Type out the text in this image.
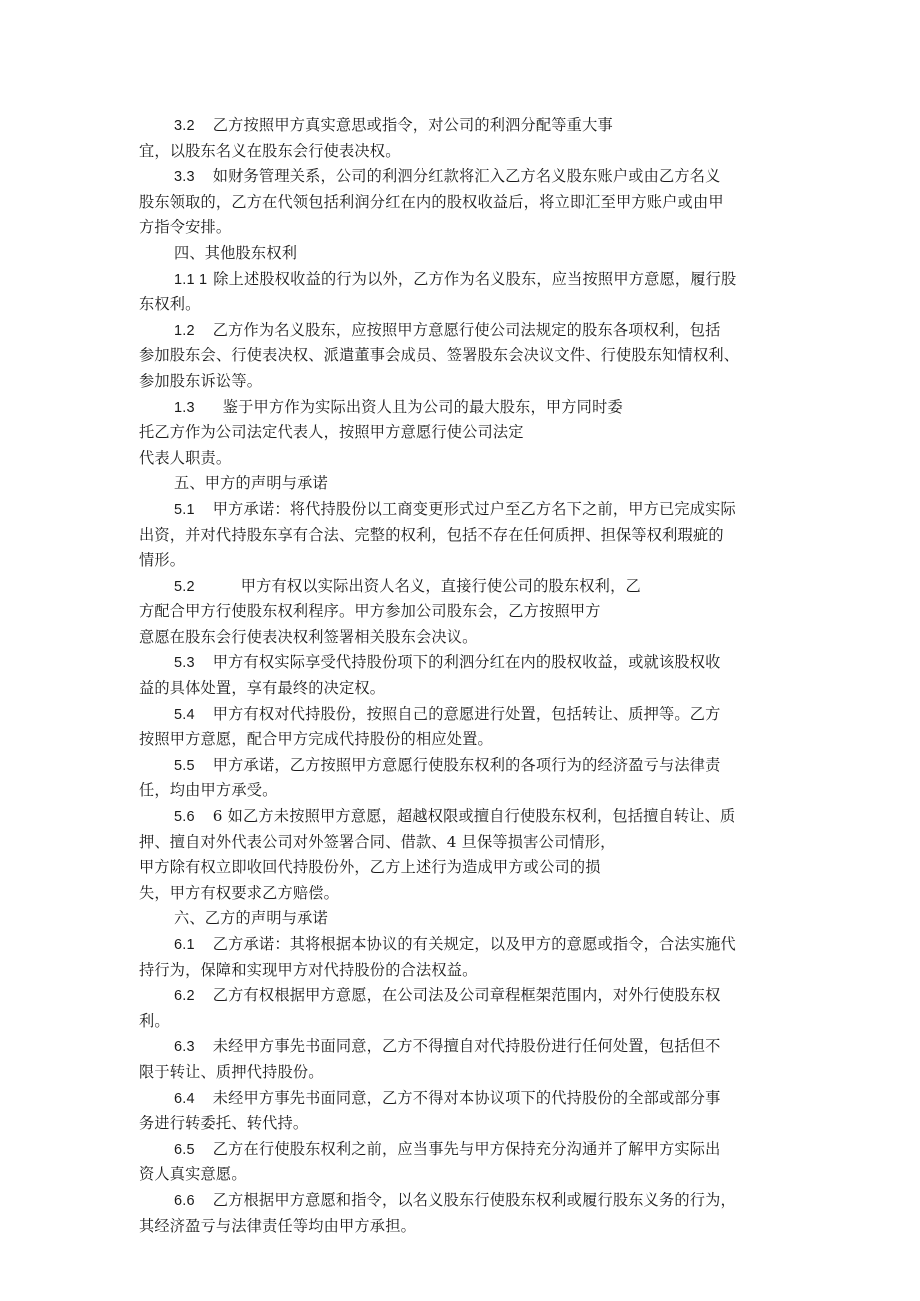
3.2 乙方按照甲方真实意思或指令，对公司的利泗分配等重大事
宜，以股东名义在股东会行使表决权。
3.3 如财务管理关系，公司的利泗分红款将汇入乙方名义股东账户或由乙方名义
股东领取的，乙方在代领包括利润分红在内的股权收益后，将立即汇至甲方账户或由甲
方指令安排。
四、其他股东权利
1.1 1 除上述股权收益的行为以外，乙方作为名义股东，应当按照甲方意愿，履行股
东权利。
1.2 乙方作为名义股东，应按照甲方意愿行使公司法规定的股东各项权利，包括
参加股东会、行使表决权、派遣董事会成员、签署股东会决议文件、行使股东知情权利、
参加股东诉讼等。
1.3 鉴于甲方作为实际出资人且为公司的最大股东，甲方同时委
托乙方作为公司法定代表人，按照甲方意愿行使公司法定
代表人职责。
五、甲方的声明与承诺
5.1 甲方承诺：将代持股份以工商变更形式过户至乙方名下之前，甲方已完成实际
出资，并对代持股东享有合法、完整的权利，包括不存在任何质押、担保等权利瑕疵的
情形。
5.2	甲方有权以实际出资人名义，直接行使公司的股东权利，乙
方配合甲方行使股东权利程序。甲方参加公司股东会，乙方按照甲方
意愿在股东会行使表决权利签署相关股东会决议。
5.3 甲方有权实际享受代持股份项下的利泗分红在内的股权收益，或就该股权收
益的具体处置，享有最终的决定权。
5.4 甲方有权对代持股份，按照自己的意愿进行处置，包括转让、质押等。乙方
按照甲方意愿，配合甲方完成代持股份的相应处置。
5.5 甲方承诺，乙方按照甲方意愿行使股东权利的各项行为的经济盈亏与法律责
任，均由甲方承受。
5.6 6 如乙方未按照甲方意愿，超越权限或擅自行使股东权利，包括擅自转让、质
押、擅自对外代表公司对外签署合同、借款、4 旦保等损害公司情形，
甲方除有权立即收回代持股份外，乙方上述行为造成甲方或公司的损
失，甲方有权要求乙方赔偿。
六、乙方的声明与承诺
6.1 乙方承诺：其将根据本协议的有关规定，以及甲方的意愿或指令，合法实施代
持行为，保障和实现甲方对代持股份的合法权益。
6.2 乙方有权根据甲方意愿，在公司法及公司章程框架范围内，对外行使股东权
利。
6.3 未经甲方事先书面同意，乙方不得擅自对代持股份进行任何处置，包括但不
限于转让、质押代持股份。
6.4 未经甲方事先书面同意，乙方不得对本协议项下的代持股份的全部或部分事
务进行转委托、转代持。
6.5 乙方在行使股东权利之前，应当事先与甲方保持充分沟通并了解甲方实际出
资人真实意愿。
6.6 乙方根据甲方意愿和指令，以名义股东行使股东权利或履行股东义务的行为，
其经济盈亏与法律责任等均由甲方承担。
